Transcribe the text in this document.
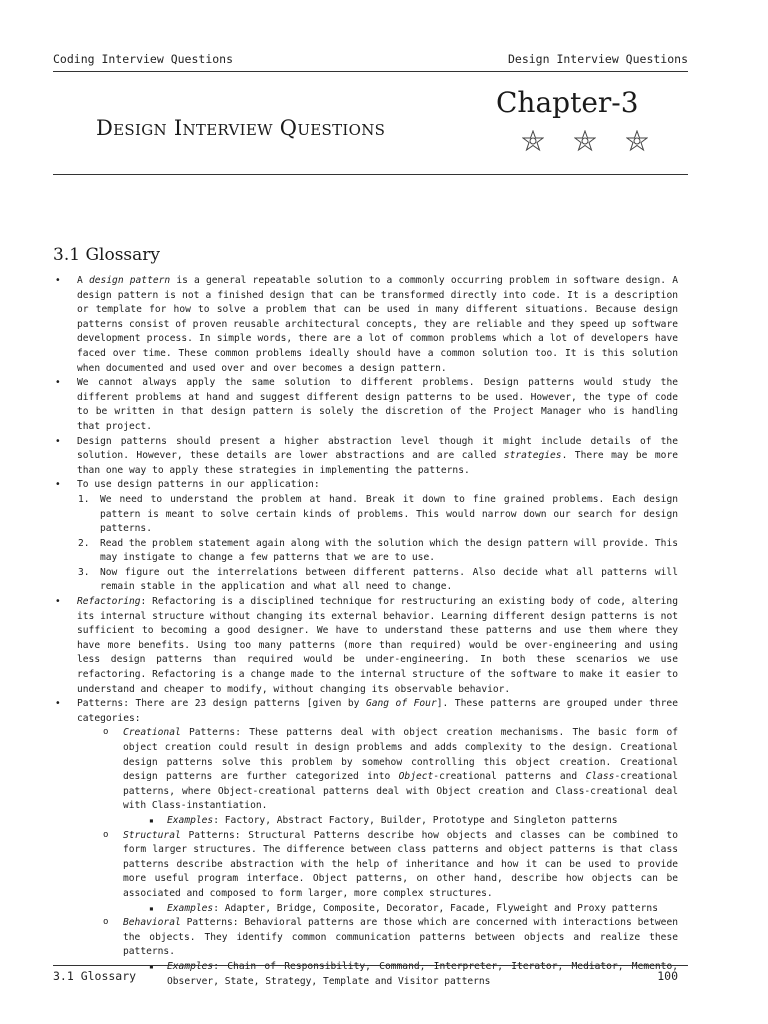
Coding Interview Questions	Design Interview Questions
Design Interview Questions
Chapter-3
3.1 Glossary
• A design pattern is a general repeatable solution to a commonly occurring problem in software design. A design pattern is not a finished design that can be transformed directly into code. It is a description or template for how to solve a problem that can be used in many different situations. Because design patterns consist of proven reusable architectural concepts, they are reliable and they speed up software development process. In simple words, there are a lot of common problems which a lot of developers have faced over time. These common problems ideally should have a common solution too. It is this solution when documented and used over and over becomes a design pattern.
• We cannot always apply the same solution to different problems. Design patterns would study the different problems at hand and suggest different design patterns to be used. However, the type of code to be written in that design pattern is solely the discretion of the Project Manager who is handling that project.
• Design patterns should present a higher abstraction level though it might include details of the solution. However, these details are lower abstractions and are called strategies. There may be more than one way to apply these strategies in implementing the patterns.
• To use design patterns in our application:
1. We need to understand the problem at hand. Break it down to fine grained problems. Each design pattern is meant to solve certain kinds of problems. This would narrow down our search for design patterns.
2. Read the problem statement again along with the solution which the design pattern will provide. This may instigate to change a few patterns that we are to use.
3. Now figure out the interrelations between different patterns. Also decide what all patterns will remain stable in the application and what all need to change.
• Refactoring: Refactoring is a disciplined technique for restructuring an existing body of code, altering its internal structure without changing its external behavior. Learning different design patterns is not sufficient to becoming a good designer. We have to understand these patterns and use them where they have more benefits. Using too many patterns (more than required) would be over-engineering and using less design patterns than required would be under-engineering. In both these scenarios we use refactoring. Refactoring is a change made to the internal structure of the software to make it easier to understand and cheaper to modify, without changing its observable behavior.
• Patterns: There are 23 design patterns [given by Gang of Four]. These patterns are grouped under three categories:
o Creational Patterns: These patterns deal with object creation mechanisms. The basic form of object creation could result in design problems and adds complexity to the design. Creational design patterns solve this problem by somehow controlling this object creation. Creational design patterns are further categorized into Object-creational patterns and Class-creational patterns, where Object-creational patterns deal with Object creation and Class-creational deal with Class-instantiation.
▪ Examples: Factory, Abstract Factory, Builder, Prototype and Singleton patterns
o Structural Patterns: Structural Patterns describe how objects and classes can be combined to form larger structures. The difference between class patterns and object patterns is that class patterns describe abstraction with the help of inheritance and how it can be used to provide more useful program interface. Object patterns, on other hand, describe how objects can be associated and composed to form larger, more complex structures.
▪ Examples: Adapter, Bridge, Composite, Decorator, Facade, Flyweight and Proxy patterns
o Behavioral Patterns: Behavioral patterns are those which are concerned with interactions between the objects. They identify common communication patterns between objects and realize these patterns.
▪ Examples: Chain of Responsibility, Command, Interpreter, Iterator, Mediator, Memento, Observer, State, Strategy, Template and Visitor patterns
3.1 Glossary	100
